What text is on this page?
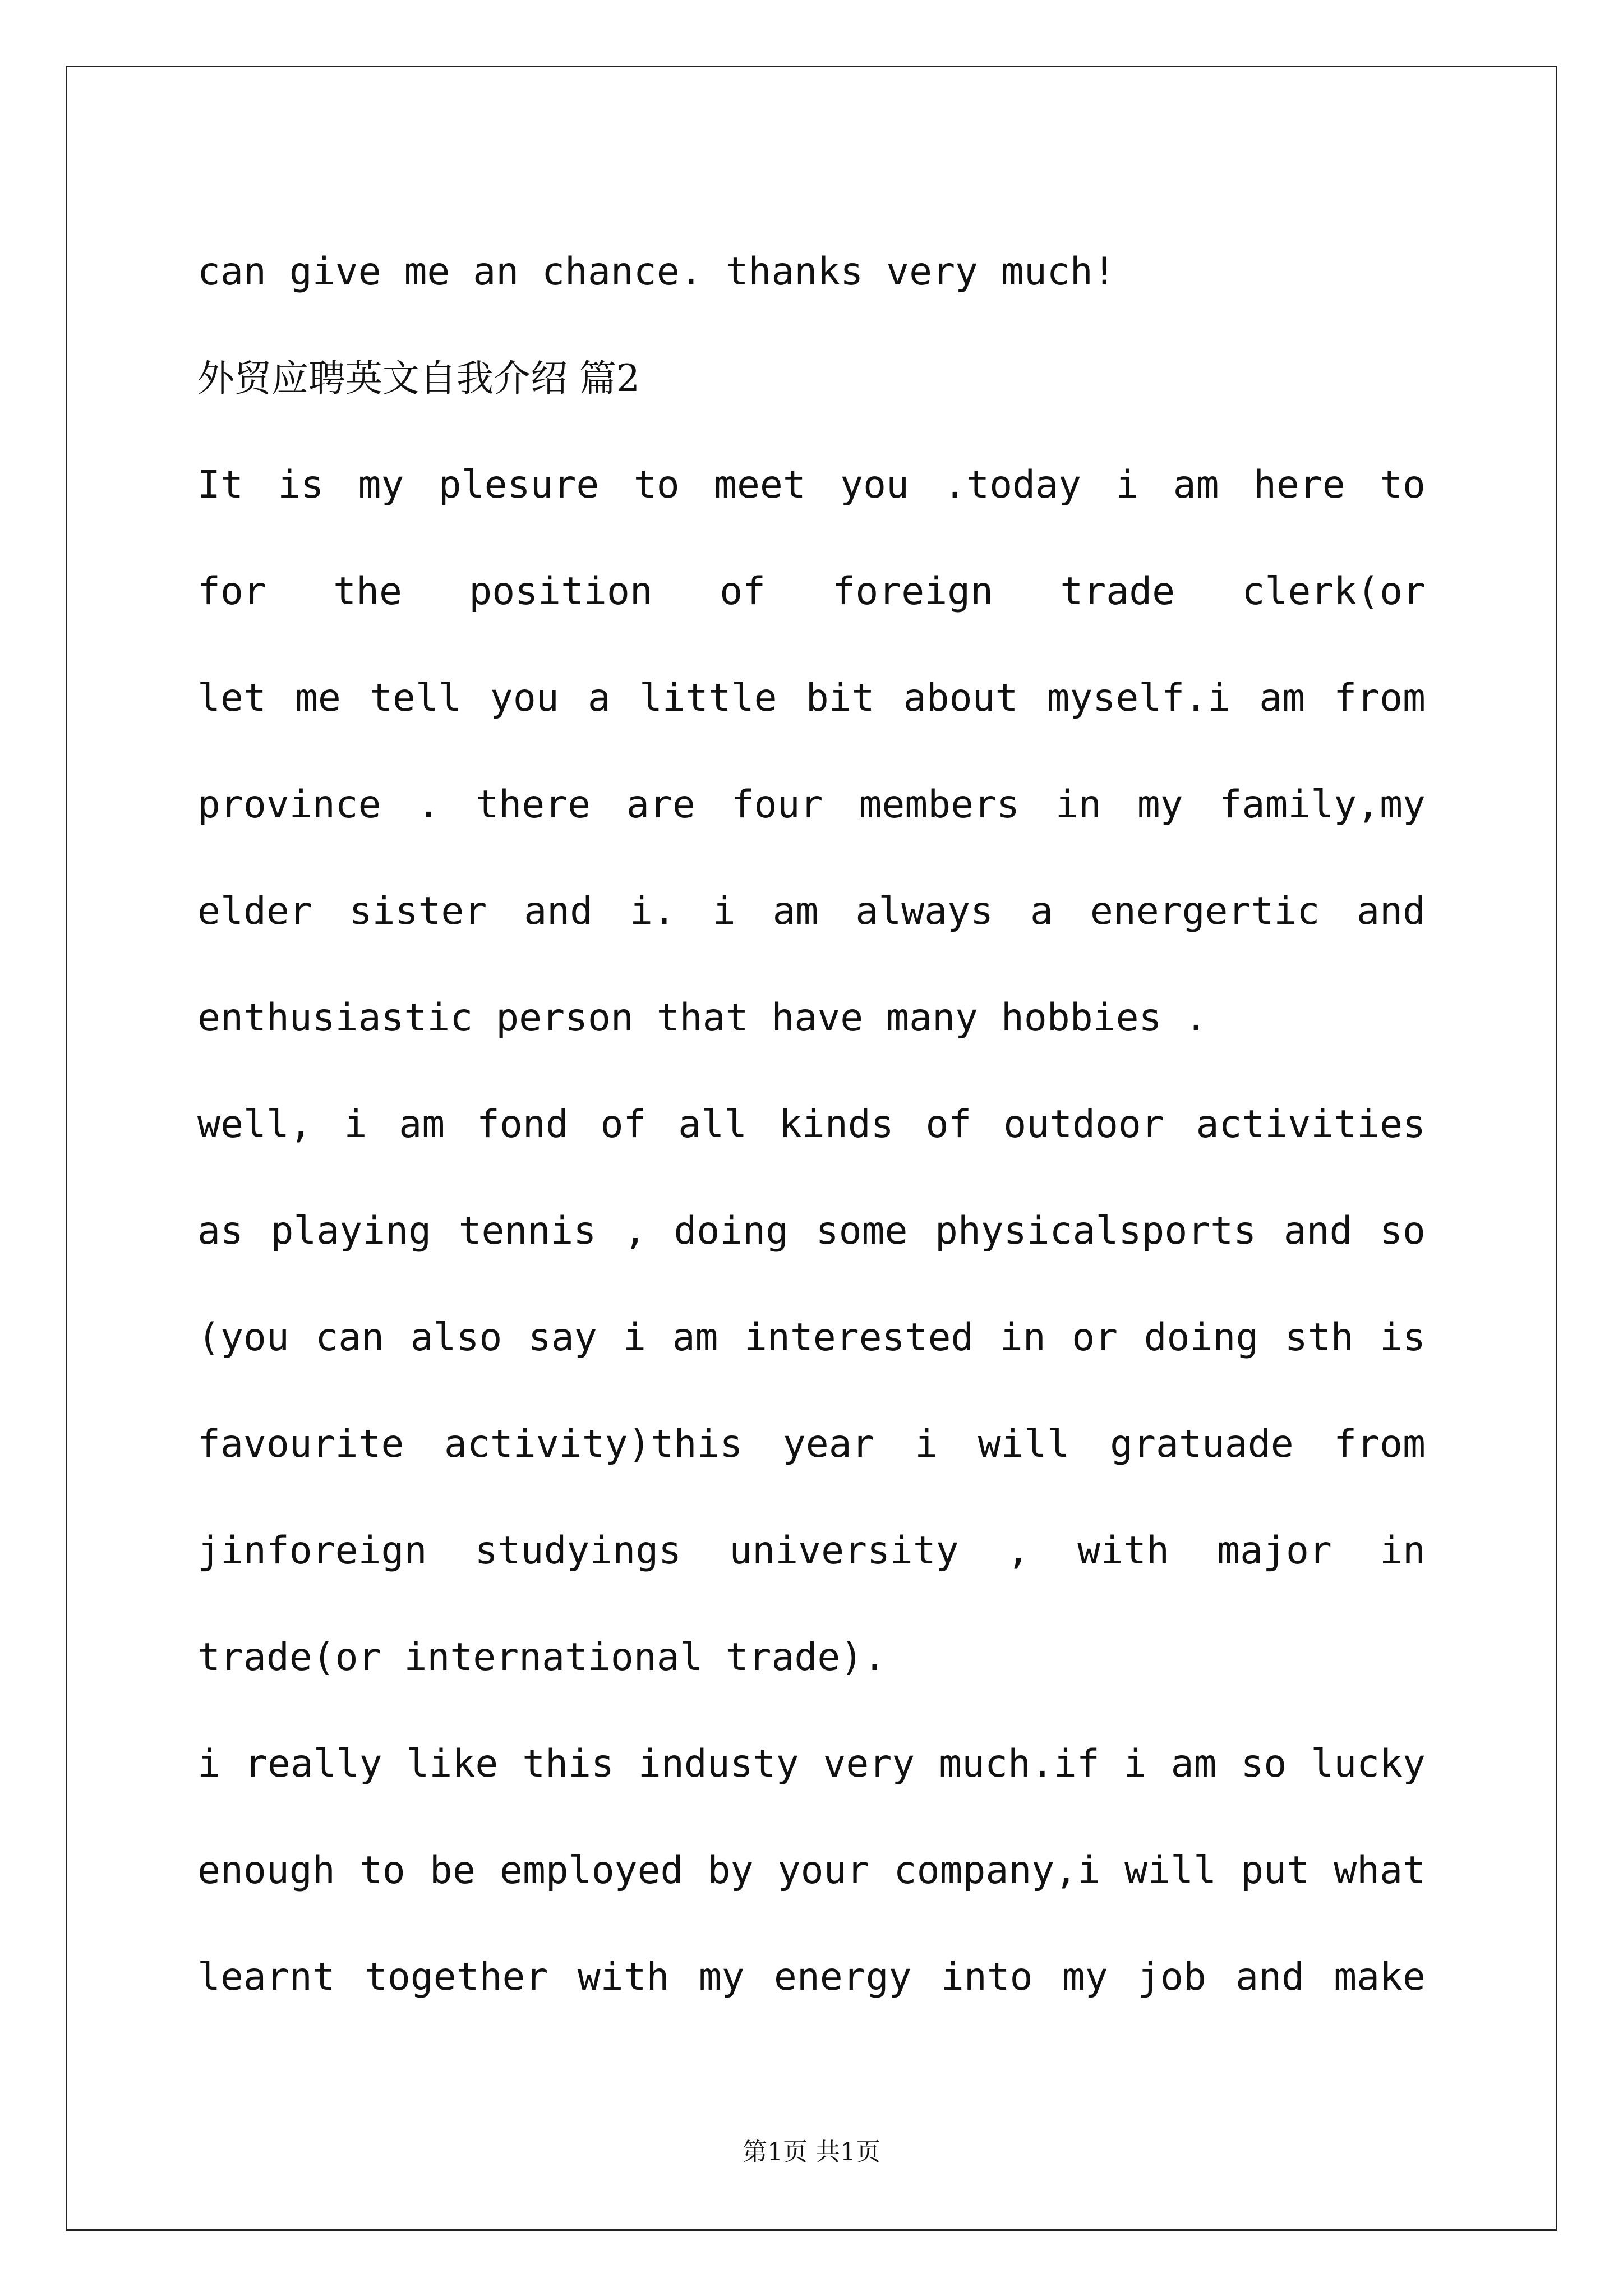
can give me an chance. thanks very much!
外贸应聘英文自我介绍 篇2
It is my plesure to meet you .today i am here to
for the position of foreign trade clerk(or
let me tell you a little bit about myself.i am from
province . there are four members in my family,my
elder sister and i. i am always a energertic and
enthusiastic person that have many hobbies .
well, i am fond of all kinds of outdoor activities
as playing tennis , doing some physicalsports and so
(you can also say i am interested in or doing sth is
favourite activity)this year i will gratuade from
jinforeign studyings university , with major in
trade(or international trade).
i really like this industy very much.if i am so lucky
enough to be employed by your company,i will put what
learnt together with my energy into my job and make
第1页 共1页
